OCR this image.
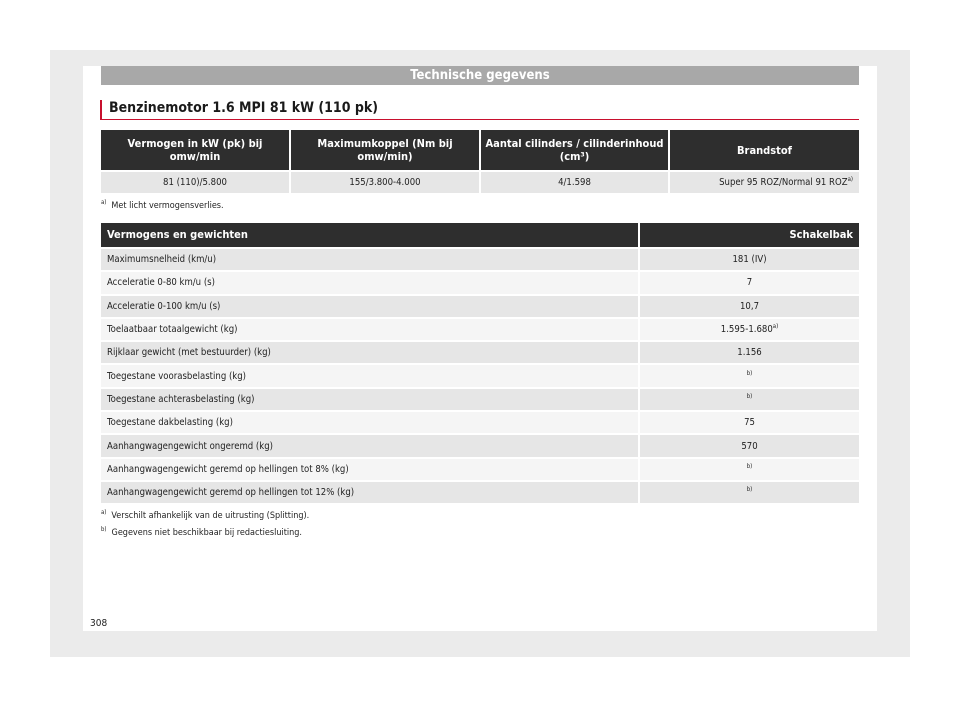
Technische gegevens
Benzinemotor 1.6 MPI 81 kW (110 pk)
Vermogen in kW (pk) bij omw/min	Maximumkoppel (Nm bij omw/min)	Aantal cilinders / cilinderinhoud (cm³)	Brandstof
81 (110)/5.800	155/3.800-4.000	4/1.598	Super 95 ROZ/Normal 91 ROZ$^{a)}$
$^{a)}$ Met licht vermogensverlies.
Vermogens en gewichten	Schakelbak
Maximumsnelheid (km/u)	181 (IV)
Acceleratie 0-80 km/u (s)	7
Acceleratie 0-100 km/u (s)	10,7
Toelaatbaar totaalgewicht (kg)	1.595-1.680$^{a)}$
Rijklaar gewicht (met bestuurder) (kg)	1.156
Toegestane voorasbelasting (kg)	$^{b)}$
Toegestane achterasbelasting (kg)	$^{b)}$
Toegestane dakbelasting (kg)	75
Aanhangwagengewicht ongeremd (kg)	570
Aanhangwagengewicht geremd op hellingen tot 8% (kg)	$^{b)}$
Aanhangwagengewicht geremd op hellingen tot 12% (kg)	$^{b)}$
$^{a)}$ Verschilt afhankelijk van de uitrusting (Splitting).
$^{b)}$ Gegevens niet beschikbaar bij redactiesluiting.
308
